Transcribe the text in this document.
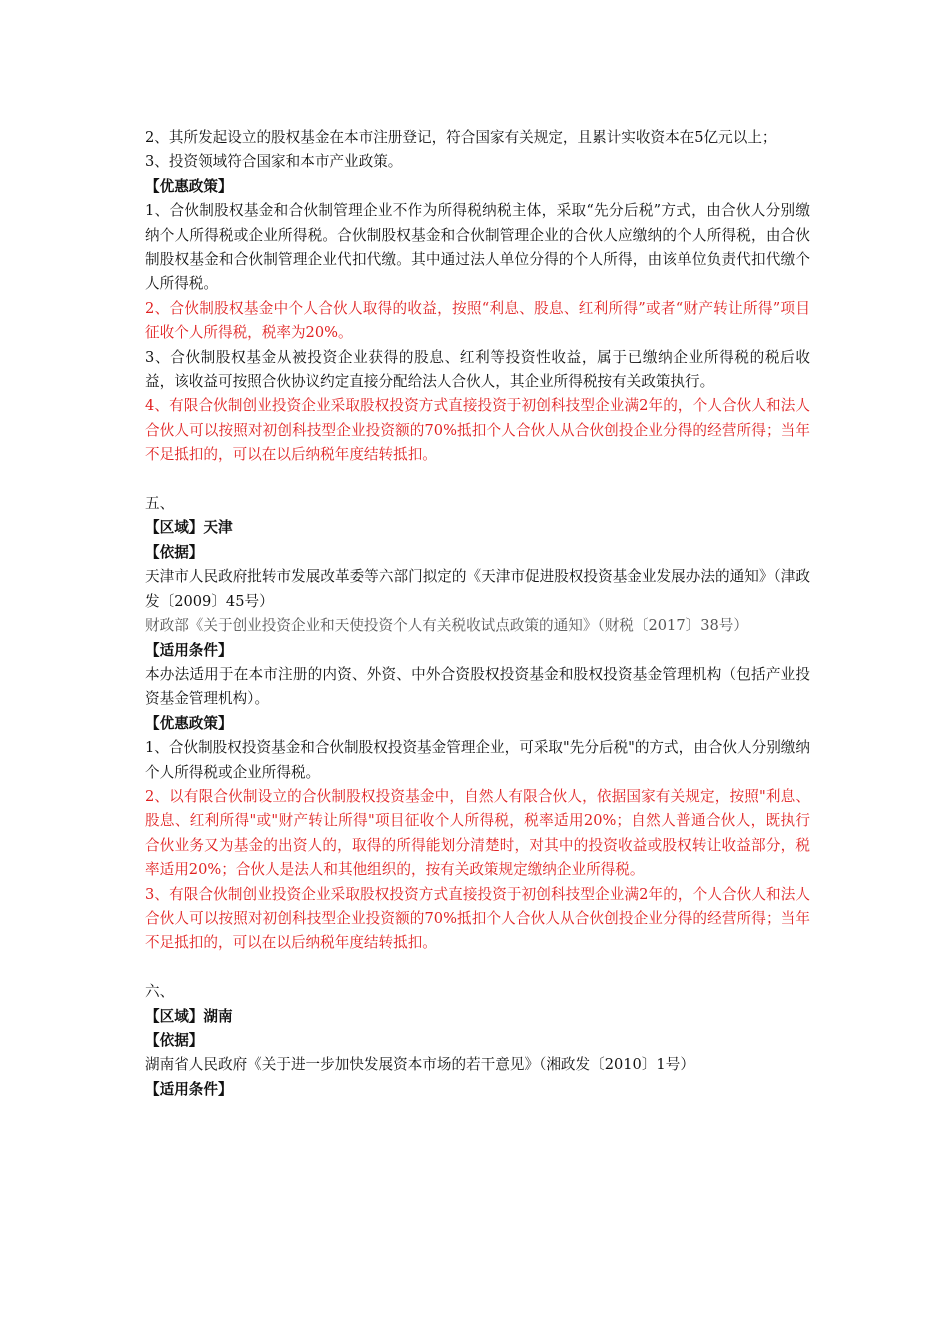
2、其所发起设立的股权基金在本市注册登记，符合国家有关规定，且累计实收资本在5亿元以上；

3、投资领域符合国家和本市产业政策。

【优惠政策】

1、合伙制股权基金和合伙制管理企业不作为所得税纳税主体，采取“先分后税”方式，由合伙人分别缴纳个人所得税或企业所得税。合伙制股权基金和合伙制管理企业的合伙人应缴纳的个人所得税，由合伙制股权基金和合伙制管理企业代扣代缴。其中通过法人单位分得的个人所得，由该单位负责代扣代缴个人所得税。

2、合伙制股权基金中个人合伙人取得的收益，按照“利息、股息、红利所得”或者“财产转让所得”项目征收个人所得税，税率为20%。

3、合伙制股权基金从被投资企业获得的股息、红利等投资性收益，属于已缴纳企业所得税的税后收益，该收益可按照合伙协议约定直接分配给法人合伙人，其企业所得税按有关政策执行。

4、有限合伙制创业投资企业采取股权投资方式直接投资于初创科技型企业满2年的，个人合伙人和法人合伙人可以按照对初创科技型企业投资额的70%抵扣个人合伙人从合伙创投企业分得的经营所得；当年不足抵扣的，可以在以后纳税年度结转抵扣。

五、

【区域】天津

【依据】

天津市人民政府批转市发展改革委等六部门拟定的《天津市促进股权投资基金业发展办法的通知》（津政发〔2009〕45号）

财政部《关于创业投资企业和天使投资个人有关税收试点政策的通知》（财税〔2017〕38号）

【适用条件】

本办法适用于在本市注册的内资、外资、中外合资股权投资基金和股权投资基金管理机构（包括产业投资基金管理机构）。

【优惠政策】

1、合伙制股权投资基金和合伙制股权投资基金管理企业，可采取"先分后税"的方式，由合伙人分别缴纳个人所得税或企业所得税。

2、以有限合伙制设立的合伙制股权投资基金中，自然人有限合伙人，依据国家有关规定，按照"利息、股息、红利所得"或"财产转让所得"项目征收个人所得税，税率适用20%；自然人普通合伙人，既执行合伙业务又为基金的出资人的，取得的所得能划分清楚时，对其中的投资收益或股权转让收益部分，税率适用20%；合伙人是法人和其他组织的，按有关政策规定缴纳企业所得税。

3、有限合伙制创业投资企业采取股权投资方式直接投资于初创科技型企业满2年的，个人合伙人和法人合伙人可以按照对初创科技型企业投资额的70%抵扣个人合伙人从合伙创投企业分得的经营所得；当年不足抵扣的，可以在以后纳税年度结转抵扣。

六、

【区域】湖南

【依据】

湖南省人民政府《关于进一步加快发展资本市场的若干意见》（湘政发〔2010〕1号）

【适用条件】
